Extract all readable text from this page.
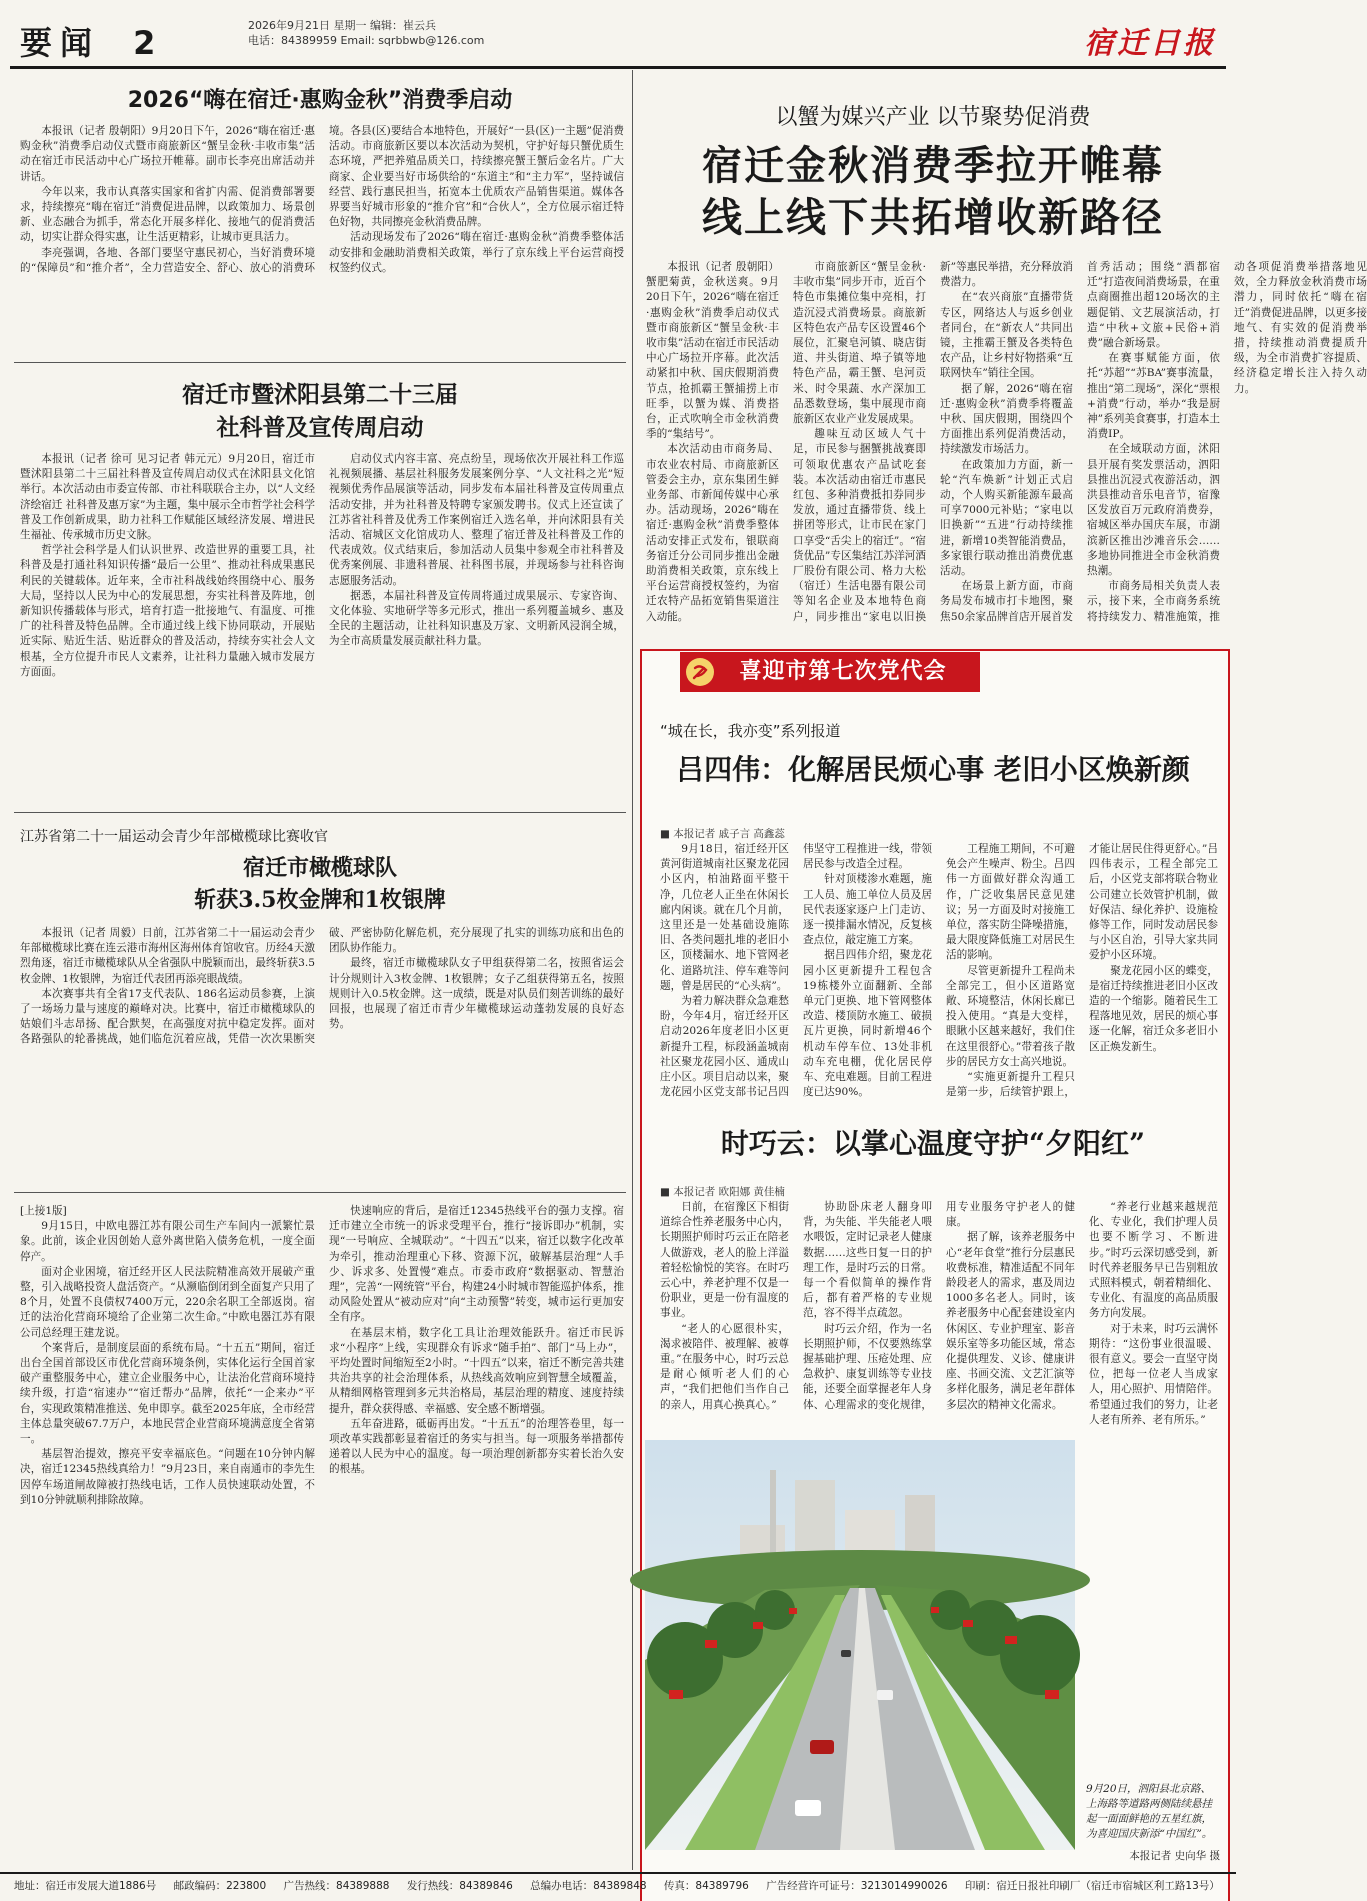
要闻 2	2026年9月21日 星期一 编辑：崔云兵
电话：84389959 Email: sqrbbwb@126.com	宿迁日报
2026“嗨在宿迁·惠购金秋”消费季启动

本报讯（记者 殷朝阳）9月20日下午，2026“嗨在宿迁·惠购金秋”消费季启动仪式暨市商旅新区“蟹呈金秋·丰收市集”活动在宿迁市民活动中心广场拉开帷幕。副市长李亮出席活动并讲话。

今年以来，我市认真落实国家和省扩内需、促消费部署要求，持续擦亮“嗨在宿迁”消费促进品牌，以政策加力、场景创新、业态融合为抓手，常态化开展多样化、接地气的促消费活动，切实让群众得实惠，让生活更精彩，让城市更具活力。

李亮强调，各地、各部门要坚守惠民初心，当好消费环境的“保障员”和“推介者”，全力营造安全、舒心、放心的消费环境。各县(区)要结合本地特色，开展好“一县(区)一主题”促消费活动。市商旅新区要以本次活动为契机，守护好每只蟹优质生态环境，严把养殖品质关口，持续擦亮蟹王蟹后金名片。广大商家、企业要当好市场供给的“东道主”和“主力军”，坚持诚信经营、践行惠民担当，拓宽本土优质农产品销售渠道。媒体各界要当好城市形象的“推介官”和“合伙人”，全方位展示宿迁特色好物，共同擦亮金秋消费品牌。

活动现场发布了2026“嗨在宿迁·惠购金秋”消费季整体活动安排和金融助消费相关政策，举行了京东线上平台运营商授权签约仪式。

宿迁市暨沭阳县第二十三届
社科普及宣传周启动

本报讯（记者 徐可 见习记者 韩元元）9月20日，宿迁市暨沭阳县第二十三届社科普及宣传周启动仪式在沭阳县文化馆举行。本次活动由市委宣传部、市社科联联合主办，以“人文经济绘宿迁 社科普及惠万家”为主题，集中展示全市哲学社会科学普及工作创新成果，助力社科工作赋能区域经济发展、增进民生福祉、传承城市历史文脉。

哲学社会科学是人们认识世界、改造世界的重要工具，社科普及是打通社科知识传播“最后一公里”、推动社科成果惠民利民的关键载体。近年来，全市社科战线始终围绕中心、服务大局，坚持以人民为中心的发展思想，夯实社科普及阵地，创新知识传播载体与形式，培育打造一批接地气、有温度、可推广的社科普及特色品牌。全市通过线上线下协同联动，开展贴近实际、贴近生活、贴近群众的普及活动，持续夯实社会人文根基，全方位提升市民人文素养，让社科力量融入城市发展方方面面。

启动仪式内容丰富、亮点纷呈，现场依次开展社科工作巡礼视频展播、基层社科服务发展案例分享、“人文社科之光”短视频优秀作品展演等活动，同步发布本届社科普及宣传周重点活动安排，并为社科普及特聘专家颁发聘书。仪式上还宣读了江苏省社科普及优秀工作案例宿迁入选名单，并向沭阳县有关活动、宿城区文化馆成功人、整理了宿迁普及社科普及工作的代表成效。仪式结束后，参加活动人员集中参观全市社科普及优秀案例展、非遗科普展、社科图书展，并现场参与社科咨询志愿服务活动。

据悉，本届社科普及宣传周将通过成果展示、专家咨询、文化体验、实地研学等多元形式，推出一系列覆盖城乡、惠及全民的主题活动，让社科知识惠及万家、文明新风浸润全城，为全市高质量发展贡献社科力量。

江苏省第二十一届运动会青少年部橄榄球比赛收官
宿迁市橄榄球队
斩获3.5枚金牌和1枚银牌

本报讯（记者 周毅）日前，江苏省第二十一届运动会青少年部橄榄球比赛在连云港市海州区海州体育馆收官。历经4天激烈角逐，宿迁市橄榄球队从全省强队中脱颖而出，最终斩获3.5枚金牌、1枚银牌，为宿迁代表团再添亮眼战绩。

本次赛事共有全省17支代表队、186名运动员参赛，上演了一场场力量与速度的巅峰对决。比赛中，宿迁市橄榄球队的姑娘们斗志昂扬、配合默契，在高强度对抗中稳定发挥。面对各路强队的轮番挑战，她们临危沉着应战，凭借一次次果断突破、严密协防化解危机，充分展现了扎实的训练功底和出色的团队协作能力。

最终，宿迁市橄榄球队女子甲组获得第二名，按照省运会计分规则计入3枚金牌、1枚银牌；女子乙组获得第五名，按照规则计入0.5枚金牌。这一成绩，既是对队员们刻苦训练的最好回报，也展现了宿迁市青少年橄榄球运动蓬勃发展的良好态势。

[上接1版]

9月15日，中欧电器江苏有限公司生产车间内一派繁忙景象。此前，该企业因创始人意外离世陷入债务危机，一度全面停产。

面对企业困境，宿迁经开区人民法院精准高效开展破产重整，引入战略投资人盘活资产。“从濒临倒闭到全面复产只用了8个月，处置不良债权7400万元，220余名职工全部返岗。宿迁的法治化营商环境给了企业第二次生命。”中欧电器江苏有限公司总经理王建龙说。

个案背后，是制度层面的系统布局。“十五五”期间，宿迁出台全国首部设区市优化营商环境条例，实体化运行全国首家破产重整服务中心，建立企业服务中心，让法治化营商环境持续升级，打造“宿速办”“宿迁帮办”品牌，依托“一企来办”平台，实现政策精准推送、免申即享。截至2025年底，全市经营主体总量突破67.7万户，本地民营企业营商环境满意度全省第一。

基层智治提效，擦亮平安幸福底色。“问题在10分钟内解决，宿迁12345热线真给力！”9月23日，来自南通市的李先生因停车场道闸故障被打热线电话，工作人员快速联动处置，不到10分钟就顺利排除故障。

快速响应的背后，是宿迁12345热线平台的强力支撑。宿迁市建立全市统一的诉求受理平台，推行“接诉即办”机制，实现“一号响应、全城联动”。“十四五”以来，宿迁以数字化改革为牵引，推动治理重心下移、资源下沉，破解基层治理“人手少、诉求多、处置慢”难点。市委市政府“数据驱动、智慧治理”，完善“一网统管”平台，构建24小时城市智能巡护体系，推动风险处置从“被动应对”向“主动预警”转变，城市运行更加安全有序。

在基层末梢，数字化工具让治理效能跃升。宿迁市民诉求“小程序”上线，实现群众有诉求“随手拍”、部门“马上办”，平均处置时间缩短至2小时。“十四五”以来，宿迁不断完善共建共治共享的社会治理体系，从热线高效响应到智慧全域覆盖，从精细网格管理到多元共治格局，基层治理的精度、速度持续提升，群众获得感、幸福感、安全感不断增强。

五年奋进路，砥砺再出发。“十五五”的治理答卷里，每一项改革实践都彰显着宿迁的务实与担当。每一项服务举措都传递着以人民为中心的温度。每一项治理创新都夯实着长治久安的根基。

以蟹为媒兴产业 以节聚势促消费
宿迁金秋消费季拉开帷幕
线上线下共拓增收新路径

本报讯（记者 殷朝阳）蟹肥菊黄，金秋送爽。9月20日下午，2026“嗨在宿迁·惠购金秋”消费季启动仪式暨市商旅新区“蟹呈金秋·丰收市集”活动在宿迁市民活动中心广场拉开序幕。此次活动紧扣中秋、国庆假期消费节点，抢抓霸王蟹捕捞上市旺季，以蟹为媒、消费搭台，正式吹响全市金秋消费季的“集结号”。

本次活动由市商务局、市农业农村局、市商旅新区管委会主办，京东集团生鲜业务部、市新闻传媒中心承办。活动现场，2026“嗨在宿迁·惠购金秋”消费季整体活动安排正式发布，银联商务宿迁分公司同步推出金融助消费相关政策，京东线上平台运营商授权签约，为宿迁农特产品拓宽销售渠道注入动能。

市商旅新区“蟹呈金秋·丰收市集”同步开市，近百个特色市集摊位集中亮相，打造沉浸式消费场景。商旅新区特色农产品专区设置46个展位，汇聚皂河镇、晓店街道、井头街道、埠子镇等地特色产品，霸王蟹、皂河贡米、时令果蔬、水产深加工品悉数登场，集中展现市商旅新区农业产业发展成果。

趣味互动区域人气十足，市民参与捆蟹挑战赛即可领取优惠农产品试吃套装。本次活动由宿迁市惠民红包、多种消费抵扣券同步发放，通过直播带货、线上拼团等形式，让市民在家门口享受“舌尖上的宿迁”。“宿货优品”专区集结江苏洋河酒厂股份有限公司、格力大松（宿迁）生活电器有限公司等知名企业及本地特色商户，同步推出“家电以旧换新”等惠民举措，充分释放消费潜力。

在“农兴商旅”直播带货专区，网络达人与返乡创业者同台，在“新农人”共同出镜，主推霸王蟹及各类特色农产品，让乡村好物搭乘“互联网快车”销往全国。

据了解，2026“嗨在宿迁·惠购金秋”消费季将覆盖中秋、国庆假期，围绕四个方面推出系列促消费活动，持续激发市场活力。

在政策加力方面，新一轮“汽车焕新”计划正式启动，个人购买新能源车最高可享7000元补贴；“家电以旧换新”“五进”行动持续推进，新增10类智能消费品，多家银行联动推出消费优惠活动。

在场景上新方面，市商务局发布城市打卡地图，聚焦50余家品牌首店开展首发首秀活动；围绕“酒都宿迁”打造夜间消费场景，在重点商圈推出超120场次的主题促销、文艺展演活动，打造“中秋+文旅+民俗+消费”融合新场景。

在赛事赋能方面，依托“苏超”“苏BA”赛事流量，推出“第二现场”，深化“票根+消费”行动，举办“我是厨神”系列美食赛事，打造本土消费IP。

在全域联动方面，沭阳县开展有奖发票活动，泗阳县推出沉浸式夜游活动，泗洪县推动音乐电音节，宿豫区发放百万元政府消费券，宿城区举办国庆车展，市湖滨新区推出沙滩音乐会……多地协同推进全市金秋消费热潮。

市商务局相关负责人表示，接下来，全市商务系统将持续发力、精准施策，推动各项促消费举措落地见效，全力释放金秋消费市场潜力，同时依托“嗨在宿迁”消费促进品牌，以更多接地气、有实效的促消费举措，持续推动消费提质升级，为全市消费扩容提质、经济稳定增长注入持久动力。

喜迎市第七次党代会
“城在长，我亦变”系列报道
吕四伟：化解居民烦心事 老旧小区焕新颜
■ 本报记者 戚子言 高鑫蕊

9月18日，宿迁经开区黄河街道城南社区聚龙花园小区内，柏油路面平整干净，几位老人正坐在休闲长廊内闲谈。就在几个月前，这里还是一处基础设施陈旧、各类问题扎堆的老旧小区，顶楼漏水、地下管网老化、道路坑洼、停车难等问题，曾是居民的“心头病”。

为着力解决群众急难愁盼，今年4月，宿迁经开区启动2026年度老旧小区更新提升工程，标段涵盖城南社区聚龙花园小区、通成山庄小区。项目启动以来，聚龙花园小区党支部书记吕四伟坚守工程推进一线，带领居民参与改造全过程。

针对顶楼渗水难题，施工人员、施工单位人员及居民代表逐家逐户上门走访、逐一摸排漏水情况，反复核查点位，敲定施工方案。

据吕四伟介绍，聚龙花园小区更新提升工程包含19栋楼外立面翻新、全部单元门更换、地下管网整体改造、楼顶防水施工、破损瓦片更换，同时新增46个机动车停车位、13处非机动车充电棚，优化居民停车、充电难题。目前工程进度已达90%。

工程施工期间，不可避免会产生噪声、粉尘。吕四伟一方面做好群众沟通工作，广泛收集居民意见建议；另一方面及时对接施工单位，落实防尘降噪措施，最大限度降低施工对居民生活的影响。

尽管更新提升工程尚未全部完工，但小区道路宽敞、环境整洁，休闲长廊已投入使用。“真是大变样，眼瞅小区越来越好，我们住在这里很舒心。”带着孩子散步的居民方女士高兴地说。

“实施更新提升工程只是第一步，后续管护跟上，才能让居民住得更舒心。”吕四伟表示，工程全部完工后，小区党支部将联合物业公司建立长效管护机制，做好保洁、绿化养护、设施检修等工作，同时发动居民参与小区自治，引导大家共同爱护小区环境。

聚龙花园小区的蝶变，是宿迁持续推进老旧小区改造的一个缩影。随着民生工程落地见效，居民的烦心事逐一化解，宿迁众多老旧小区正焕发新生。

时巧云：以掌心温度守护“夕阳红”
■ 本报记者 欧阳娜 黄佳楠

日前，在宿豫区下相街道综合性养老服务中心内，长期照护师时巧云正在陪老人做游戏，老人的脸上洋溢着轻松愉悦的笑容。在时巧云心中，养老护理不仅是一份职业，更是一份有温度的事业。

“老人的心愿很朴实，渴求被陪伴、被理解、被尊重。”在服务中心，时巧云总是耐心倾听老人们的心声，“我们把他们当作自己的亲人，用真心换真心。”

协助卧床老人翻身叩背，为失能、半失能老人喂水喂饭，定时记录老人健康数据……这些日复一日的护理工作，是时巧云的日常。每一个看似简单的操作背后，都有着严格的专业规范，容不得半点疏忽。

时巧云介绍，作为一名长期照护师，不仅要熟练掌握基础护理、压疮处理、应急救护、康复训练等专业技能，还要全面掌握老年人身体、心理需求的变化规律，用专业服务守护老人的健康。

据了解，该养老服务中心“老年食堂”推行分层惠民收费标准，精准适配不同年龄段老人的需求，惠及周边1000多名老人。同时，该养老服务中心配套建设室内休闲区、专业护理室、影音娱乐室等多功能区域，常态化提供理发、义诊、健康讲座、书画交流、文艺汇演等多样化服务，满足老年群体多层次的精神文化需求。

“养老行业越来越规范化、专业化，我们护理人员也要不断学习、不断进步。”时巧云深切感受到，新时代养老服务早已告别粗放式照料模式，朝着精细化、专业化、有温度的高品质服务方向发展。

对于未来，时巧云满怀期待：“这份事业很温暖、很有意义。要会一直坚守岗位，把每一位老人当成家人，用心照护、用情陪伴。希望通过我们的努力，让老人老有所养、老有所乐。”

9月20日，泗阳县北京路、上海路等道路两侧陆续悬挂起一面面鲜艳的五星红旗，为喜迎国庆新添“中国红”。
本报记者 史向华 摄
地址：宿迁市发展大道1886号 邮政编码：223800 广告热线：84389888 发行热线：84389846 总编办电话：84389848 传真：84389796 广告经营许可证号：3213014990026 印刷：宿迁日报社印刷厂（宿迁市宿城区利工路13号）
